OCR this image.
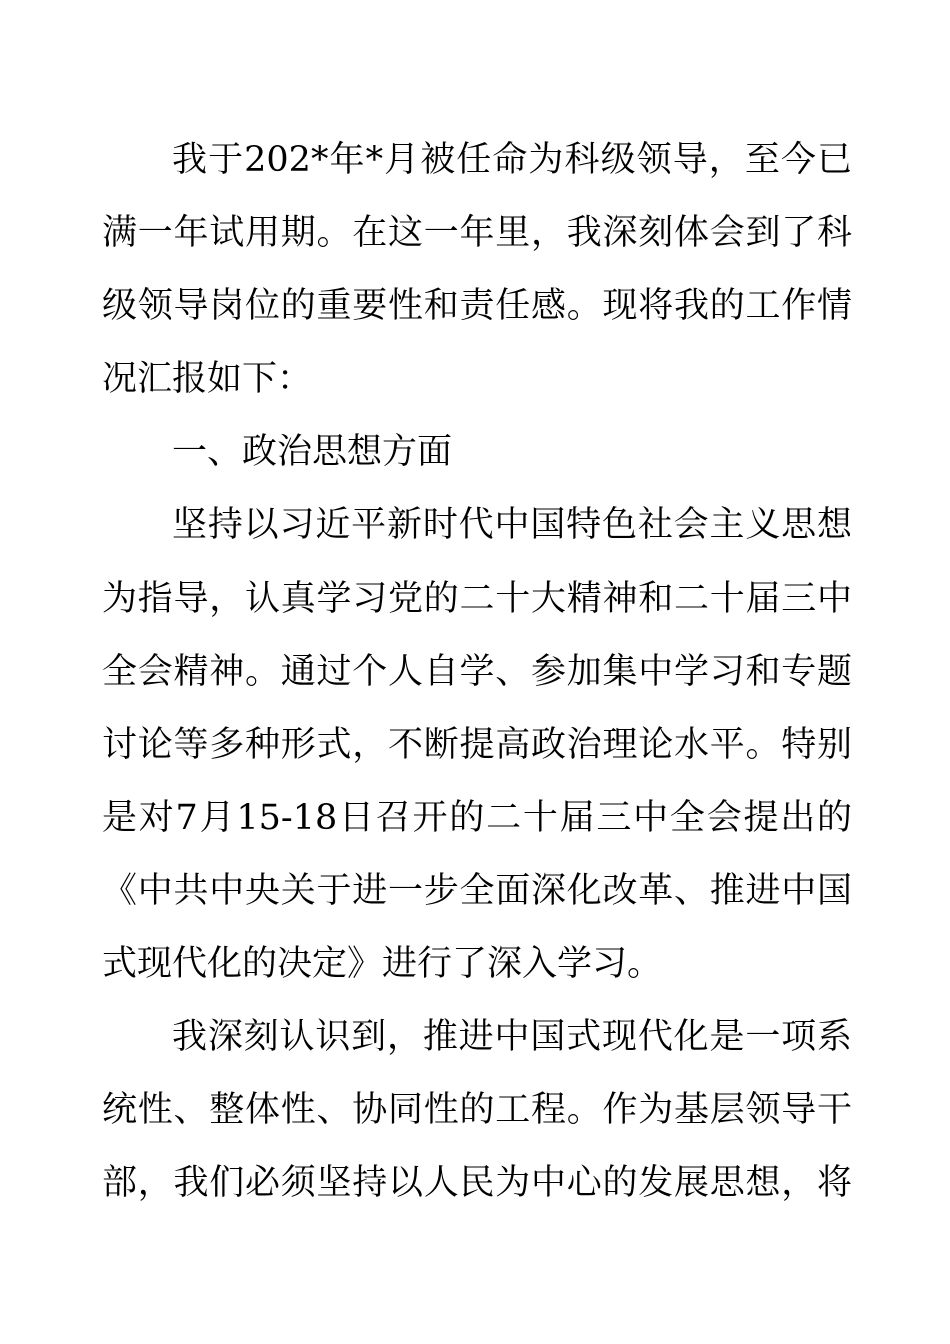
我于202*年*月被任命为科级领导，至今已
满一年试用期。在这一年里，我深刻体会到了科
级领导岗位的重要性和责任感。现将我的工作情
况汇报如下：
一、政治思想方面
坚持以习近平新时代中国特色社会主义思想
为指导，认真学习党的二十大精神和二十届三中
全会精神。通过个人自学、参加集中学习和专题
讨论等多种形式，不断提高政治理论水平。特别
是对7月15-18日召开的二十届三中全会提出的
《中共中央关于进一步全面深化改革、推进中国
式现代化的决定》进行了深入学习。
我深刻认识到，推进中国式现代化是一项系
统性、整体性、协同性的工程。作为基层领导干
部，我们必须坚持以人民为中心的发展思想，将
